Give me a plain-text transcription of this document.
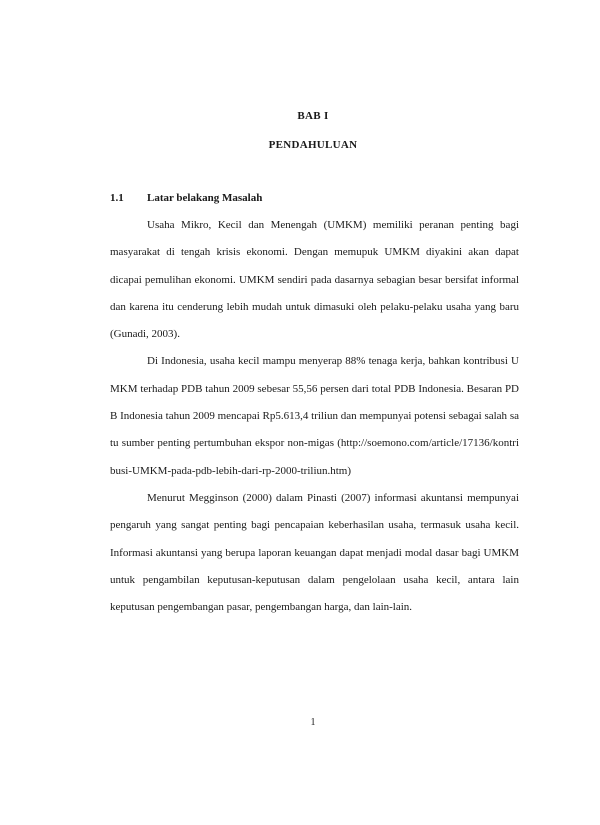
BAB I
PENDAHULUAN
1.1 Latar belakang Masalah

Usaha Mikro, Kecil dan Menengah (UMKM) memiliki peranan penting bagi masyarakat di tengah krisis ekonomi. Dengan memupuk UMKM diyakini akan dapat dicapai pemulihan ekonomi. UMKM sendiri pada dasarnya sebagian besar bersifat informal dan karena itu cenderung lebih mudah untuk dimasuki oleh pelaku-pelaku usaha yang baru (Gunadi, 2003).

Di Indonesia, usaha kecil mampu menyerap 88% tenaga kerja, bahkan kontribusi UMKM terhadap PDB tahun 2009 sebesar 55,56 persen dari total PDB Indonesia. Besaran PDB Indonesia tahun 2009 mencapai Rp5.613,4 triliun dan mempunyai potensi sebagai salah satu sumber penting pertumbuhan ekspor non-migas (http://soemono.com/article/17136/kontribusi-UMKM-pada-pdb-lebih-dari-rp-2000-triliun.htm)

Menurut Megginson (2000) dalam Pinasti (2007) informasi akuntansi mempunyai pengaruh yang sangat penting bagi pencapaian keberhasilan usaha, termasuk usaha kecil. Informasi akuntansi yang berupa laporan keuangan dapat menjadi modal dasar bagi UMKM untuk pengambilan keputusan-keputusan dalam pengelolaan usaha kecil, antara lain keputusan pengembangan pasar, pengembangan harga, dan lain-lain.

1
